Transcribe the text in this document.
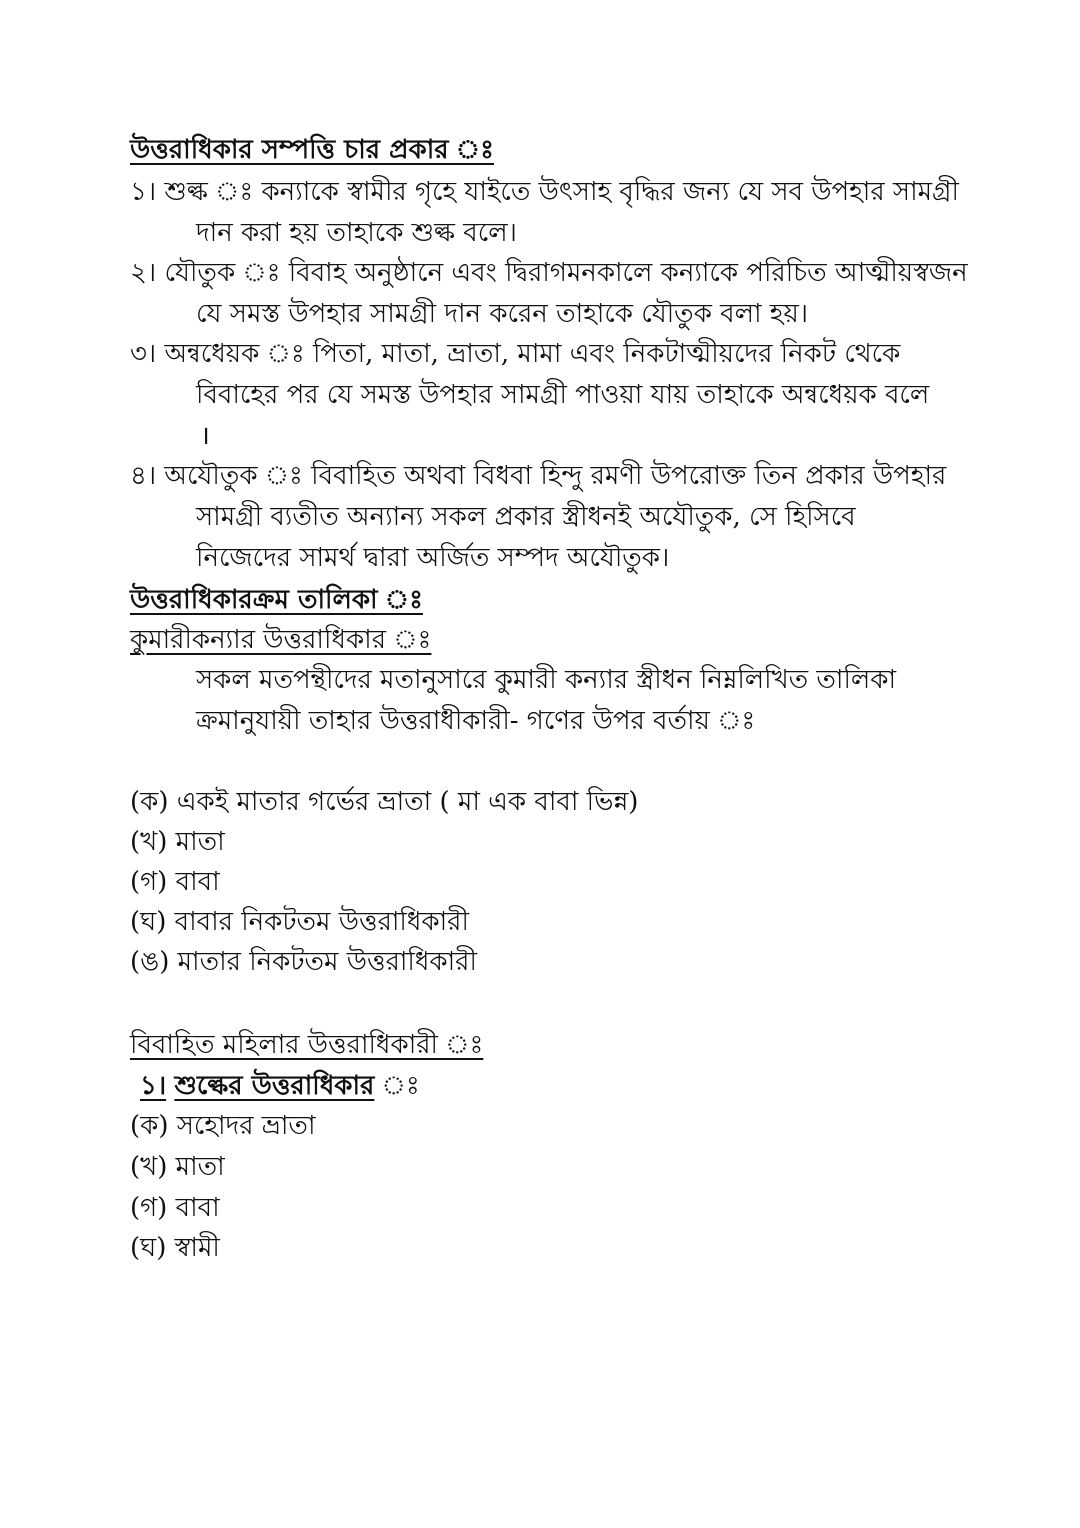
উত্তরাধিকার সম্পত্তি চার প্রকার ঃ
১। শুল্ক ঃ কন্যাকে স্বামীর গৃহে যাইতে উৎসাহ বৃদ্ধির জন্য যে সব উপহার সামগ্রী
দান করা হয় তাহাকে শুল্ক বলে।
২। যৌতুক ঃ বিবাহ অনুষ্ঠানে এবং দ্বিরাগমনকালে কন্যাকে পরিচিত আত্মীয়স্বজন
যে সমস্ত উপহার সামগ্রী দান করেন তাহাকে যৌতুক বলা হয়।
৩। অন্বধেয়ক ঃ পিতা, মাতা, ভ্রাতা, মামা এবং নিকটাত্মীয়দের নিকট থেকে
বিবাহের পর যে সমস্ত উপহার সামগ্রী পাওয়া যায় তাহাকে অন্বধেয়ক বলে
।
৪। অযৌতুক ঃ বিবাহিত অথবা বিধবা হিন্দু রমণী উপরোক্ত তিন প্রকার উপহার
সামগ্রী ব্যতীত অন্যান্য সকল প্রকার স্ত্রীধনই অযৌতুক, সে হিসিবে
নিজেদের সামর্থ দ্বারা অর্জিত সম্পদ অযৌতুক।
উত্তরাধিকারক্রম তালিকা ঃ
কুমারীকন্যার উত্তরাধিকার ঃ
সকল মতপন্থীদের মতানুসারে কুমারী কন্যার স্ত্রীধন নিম্নলিখিত তালিকা
ক্রমানুযায়ী তাহার উত্তরাধীকারী- গণের উপর বর্তায় ঃ
(ক) একই মাতার গর্ভের ভ্রাতা ( মা এক বাবা ভিন্ন)
(খ) মাতা
(গ) বাবা
(ঘ) বাবার নিকটতম উত্তরাধিকারী
(ঙ) মাতার নিকটতম উত্তরাধিকারী
বিবাহিত মহিলার উত্তরাধিকারী ঃ
১। শুল্কের উত্তরাধিকার ঃ
(ক) সহোদর ভ্রাতা
(খ) মাতা
(গ) বাবা
(ঘ) স্বামী
